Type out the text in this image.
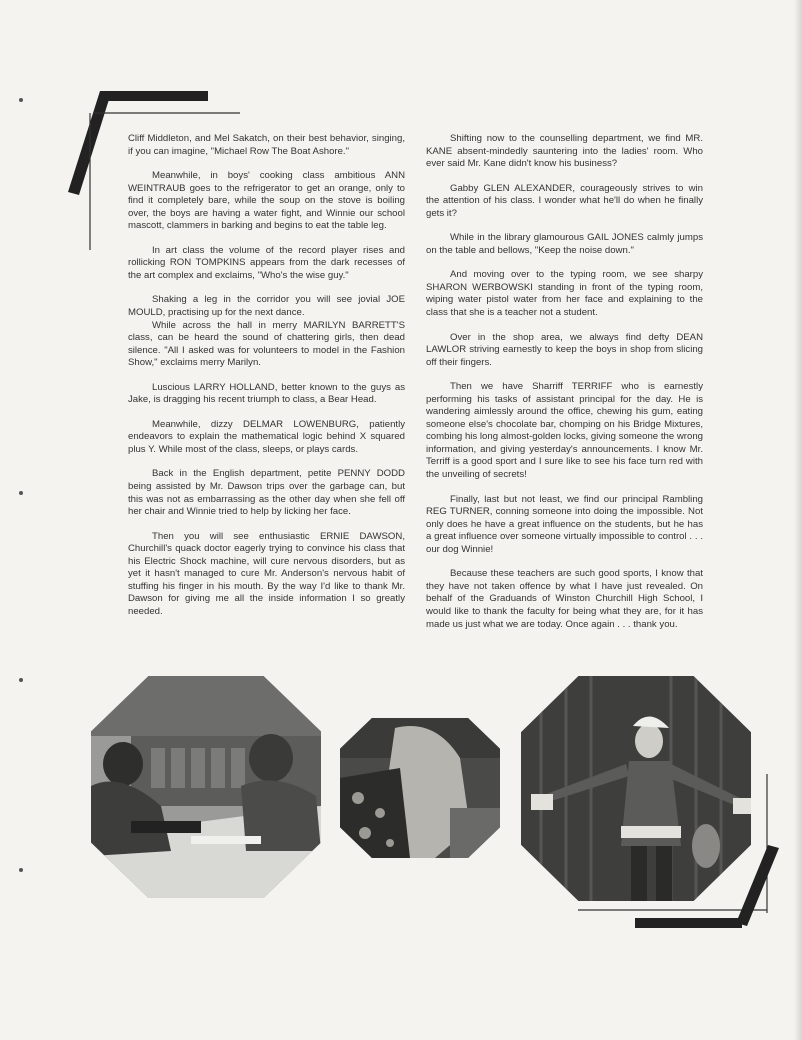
Cliff Middleton, and Mel Sakatch, on their best behavior, singing, if you can imagine, "Michael Row The Boat Ashore."

Meanwhile, in boys' cooking class ambitious ANN WEINTRAUB goes to the refrigerator to get an orange, only to find it completely bare, while the soup on the stove is boiling over, the boys are having a water fight, and Winnie our school mascott, clammers in barking and begins to eat the table leg.

In art class the volume of the record player rises and rollicking RON TOMPKINS appears from the dark recesses of the art complex and exclaims, "Who's the wise guy."

Shaking a leg in the corridor you will see jovial JOE MOULD, practising up for the next dance.

While across the hall in merry MARILYN BARRETT'S class, can be heard the sound of chattering girls, then dead silence. "All I asked was for volunteers to model in the Fashion Show," exclaims merry Marilyn.

Luscious LARRY HOLLAND, better known to the guys as Jake, is dragging his recent triumph to class, a Bear Head.

Meanwhile, dizzy DELMAR LOWENBURG, patiently endeavors to explain the mathematical logic behind X squared plus Y. While most of the class, sleeps, or plays cards.

Back in the English department, petite PENNY DODD being assisted by Mr. Dawson trips over the garbage can, but this was not as embarrassing as the other day when she fell off her chair and Winnie tried to help by licking her face.

Then you will see enthusiastic ERNIE DAWSON, Churchill's quack doctor eagerly trying to convince his class that his Electric Shock machine, will cure nervous disorders, but as yet it hasn't managed to cure Mr. Anderson's nervous habit of stuffing his finger in his mouth. By the way I'd like to thank Mr. Dawson for giving me all the inside information I so greatly needed.

Shifting now to the counselling department, we find MR. KANE absent-mindedly sauntering into the ladies' room. Who ever said Mr. Kane didn't know his business?

Gabby GLEN ALEXANDER, courageously strives to win the attention of his class. I wonder what he'll do when he finally gets it?

While in the library glamourous GAIL JONES calmly jumps on the table and bellows, "Keep the noise down."

And moving over to the typing room, we see sharpy SHARON WERBOWSKI standing in front of the typing room, wiping water pistol water from her face and explaining to the class that she is a teacher not a student.

Over in the shop area, we always find defty DEAN LAWLOR striving earnestly to keep the boys in shop from slicing off their fingers.

Then we have Sharriff TERRIFF who is earnestly performing his tasks of assistant principal for the day. He is wandering aimlessly around the office, chewing his gum, eating someone else's chocolate bar, chomping on his Bridge Mixtures, combing his long almost-golden locks, giving someone the wrong information, and giving yesterday's announcements. I know Mr. Terriff is a good sport and I sure like to see his face turn red with the unveiling of secrets!

Finally, last but not least, we find our principal Rambling REG TURNER, conning someone into doing the impossible. Not only does he have a great influence on the students, but he has a great influence over someone virtually impossible to control . . . our dog Winnie!

Because these teachers are such good sports, I know that they have not taken offence by what I have just revealed. On behalf of the Graduands of Winston Churchill High School, I would like to thank the faculty for being what they are, for it has made us just what we are today. Once again . . . thank you.
